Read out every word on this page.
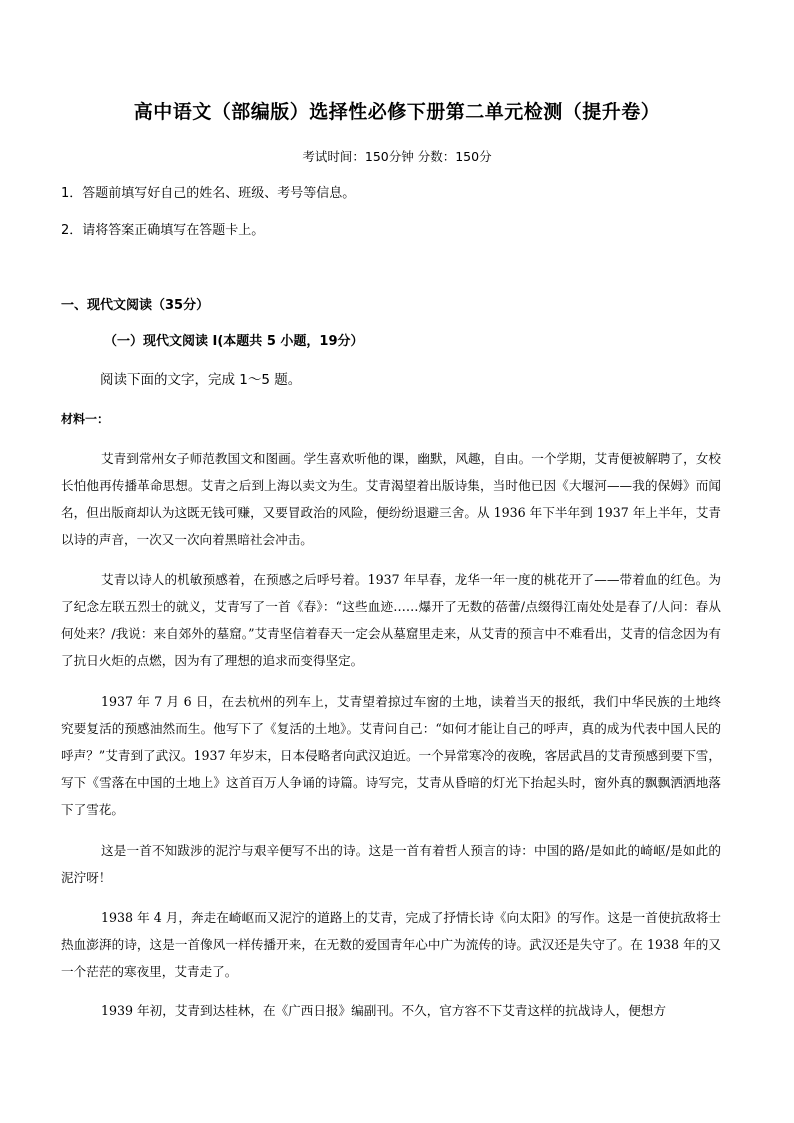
高中语文（部编版）选择性必修下册第二单元检测（提升卷）
考试时间：150分钟 分数：150分
1．答题前填写好自己的姓名、班级、考号等信息。
2．请将答案正确填写在答题卡上。
一、现代文阅读（35分）
（一）现代文阅读 I(本题共 5 小题，19分）
阅读下面的文字，完成 1～5 题。
材料一：

艾青到常州女子师范教国文和图画。学生喜欢听他的课，幽默，风趣，自由。一个学期，艾青便被解聘了，女校长怕他再传播革命思想。艾青之后到上海以卖文为生。艾青渴望着出版诗集，当时他已因《大堰河——我的保姆》而闻名，但出版商却认为这既无钱可赚，又要冒政治的风险，便纷纷退避三舍。从 1936 年下半年到 1937 年上半年，艾青以诗的声音，一次又一次向着黑暗社会冲击。

艾青以诗人的机敏预感着，在预感之后呼号着。1937 年早春，龙华一年一度的桃花开了——带着血的红色。为了纪念左联五烈士的就义，艾青写了一首《春》：“这些血迹……爆开了无数的蓓蕾/点缀得江南处处是春了/人问：春从何处来？/我说：来自郊外的墓窟。”艾青坚信着春天一定会从墓窟里走来，从艾青的预言中不难看出，艾青的信念因为有了抗日火炬的点燃，因为有了理想的追求而变得坚定。

1937 年 7 月 6 日，在去杭州的列车上，艾青望着掠过车窗的土地，读着当天的报纸，我们中华民族的土地终究要复活的预感油然而生。他写下了《复活的土地》。艾青问自己：“如何才能让自己的呼声，真的成为代表中国人民的呼声？”艾青到了武汉。1937 年岁末，日本侵略者向武汉迫近。一个异常寒冷的夜晚，客居武昌的艾青预感到要下雪，写下《雪落在中国的土地上》这首百万人争诵的诗篇。诗写完，艾青从昏暗的灯光下抬起头时，窗外真的飘飘洒洒地落下了雪花。

这是一首不知跋涉的泥泞与艰辛便写不出的诗。这是一首有着哲人预言的诗：中国的路/是如此的崎岖/是如此的泥泞呀！

1938 年 4 月，奔走在崎岖而又泥泞的道路上的艾青，完成了抒情长诗《向太阳》的写作。这是一首使抗敌将士热血澎湃的诗，这是一首像风一样传播开来，在无数的爱国青年心中广为流传的诗。武汉还是失守了。在 1938 年的又一个茫茫的寒夜里，艾青走了。

1939 年初，艾青到达桂林，在《广西日报》编副刊。不久，官方容不下艾青这样的抗战诗人，便想方
